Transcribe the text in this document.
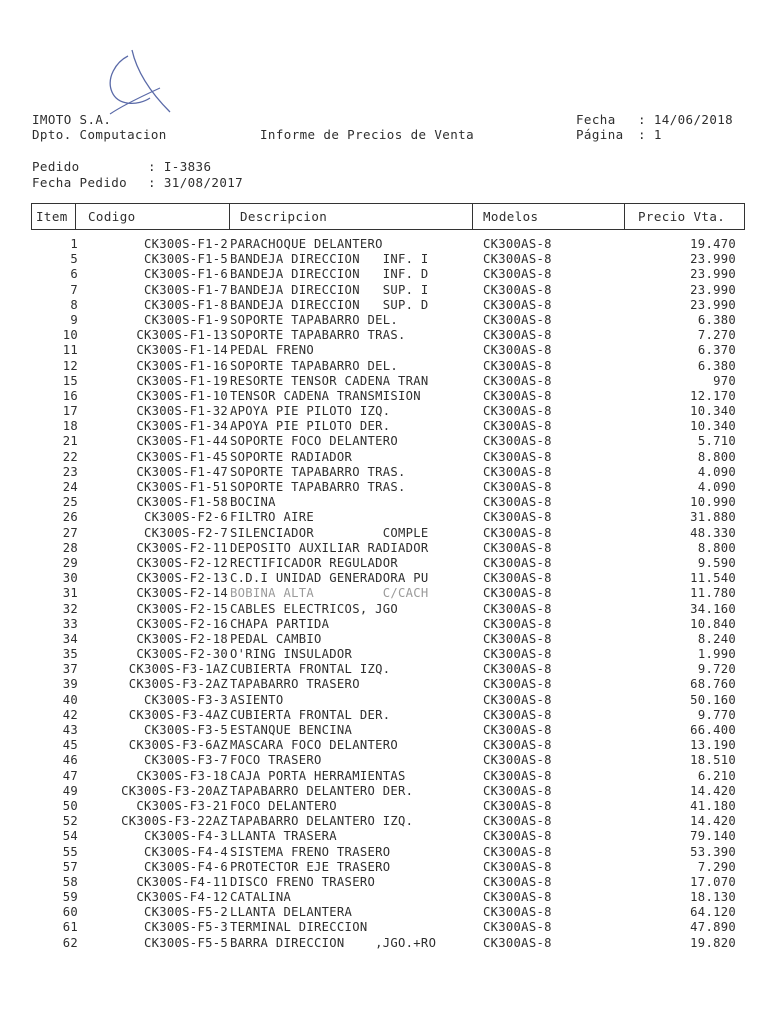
IMOTO S.A.
Dpto. Computacion	Informe de Precios de Venta
Fecha : 14/06/2018
Página : 1
Pedido	: I-3836
Fecha Pedido : 31/08/2017
Item Codigo	Descripcion	Modelos	Precio Vta.
1	CK300S-F1-2 PARACHOQUE DELANTERO	CK300AS-8	19.470
5	CK300S-F1-5 BANDEJA DIRECCION   INF. I	CK300AS-8	23.990
6	CK300S-F1-6 BANDEJA DIRECCION   INF. D	CK300AS-8	23.990
7	CK300S-F1-7 BANDEJA DIRECCION   SUP. I	CK300AS-8	23.990
8	CK300S-F1-8 BANDEJA DIRECCION   SUP. D	CK300AS-8	23.990
9	CK300S-F1-9 SOPORTE TAPABARRO DEL.	CK300AS-8	6.380
10	CK300S-F1-13 SOPORTE TAPABARRO TRAS.	CK300AS-8	7.270
11	CK300S-F1-14 PEDAL FRENO	CK300AS-8	6.370
12	CK300S-F1-16 SOPORTE TAPABARRO DEL.	CK300AS-8	6.380
15	CK300S-F1-19 RESORTE TENSOR CADENA TRAN	CK300AS-8	970
16	CK300S-F1-10 TENSOR CADENA TRANSMISION	CK300AS-8	12.170
17	CK300S-F1-32 APOYA PIE PILOTO IZQ.	CK300AS-8	10.340
18	CK300S-F1-34 APOYA PIE PILOTO DER.	CK300AS-8	10.340
21	CK300S-F1-44 SOPORTE FOCO DELANTERO	CK300AS-8	5.710
22	CK300S-F1-45 SOPORTE RADIADOR	CK300AS-8	8.800
23	CK300S-F1-47 SOPORTE TAPABARRO TRAS.	CK300AS-8	4.090
24	CK300S-F1-51 SOPORTE TAPABARRO TRAS.	CK300AS-8	4.090
25	CK300S-F1-58 BOCINA	CK300AS-8	10.990
26	CK300S-F2-6 FILTRO AIRE	CK300AS-8	31.880
27	CK300S-F2-7 SILENCIADOR         COMPLE	CK300AS-8	48.330
28	CK300S-F2-11 DEPOSITO AUXILIAR RADIADOR	CK300AS-8	8.800
29	CK300S-F2-12 RECTIFICADOR REGULADOR	CK300AS-8	9.590
30	CK300S-F2-13 C.D.I UNIDAD GENERADORA PU	CK300AS-8	11.540
31	CK300S-F2-14 BOBINA ALTA         C/CACH	CK300AS-8	11.780
32	CK300S-F2-15 CABLES ELECTRICOS, JGO	CK300AS-8	34.160
33	CK300S-F2-16 CHAPA PARTIDA	CK300AS-8	10.840
34	CK300S-F2-18 PEDAL CAMBIO	CK300AS-8	8.240
35	CK300S-F2-30 O'RING INSULADOR	CK300AS-8	1.990
37	CK300S-F3-1AZ CUBIERTA FRONTAL IZQ.	CK300AS-8	9.720
39	CK300S-F3-2AZ TAPABARRO TRASERO	CK300AS-8	68.760
40	CK300S-F3-3 ASIENTO	CK300AS-8	50.160
42	CK300S-F3-4AZ CUBIERTA FRONTAL DER.	CK300AS-8	9.770
43	CK300S-F3-5 ESTANQUE BENCINA	CK300AS-8	66.400
45	CK300S-F3-6AZ MASCARA FOCO DELANTERO	CK300AS-8	13.190
46	CK300S-F3-7 FOCO TRASERO	CK300AS-8	18.510
47	CK300S-F3-18 CAJA PORTA HERRAMIENTAS	CK300AS-8	6.210
49	CK300S-F3-20AZ TAPABARRO DELANTERO DER.	CK300AS-8	14.420
50	CK300S-F3-21 FOCO DELANTERO	CK300AS-8	41.180
52	CK300S-F3-22AZ TAPABARRO DELANTERO IZQ.	CK300AS-8	14.420
54	CK300S-F4-3 LLANTA TRASERA	CK300AS-8	79.140
55	CK300S-F4-4 SISTEMA FRENO TRASERO	CK300AS-8	53.390
57	CK300S-F4-6 PROTECTOR EJE TRASERO	CK300AS-8	7.290
58	CK300S-F4-11 DISCO FRENO TRASERO	CK300AS-8	17.070
59	CK300S-F4-12 CATALINA	CK300AS-8	18.130
60	CK300S-F5-2 LLANTA DELANTERA	CK300AS-8	64.120
61	CK300S-F5-3 TERMINAL DIRECCION	CK300AS-8	47.890
62	CK300S-F5-5 BARRA DIRECCION    ,JGO.+RO	CK300AS-8	19.820
